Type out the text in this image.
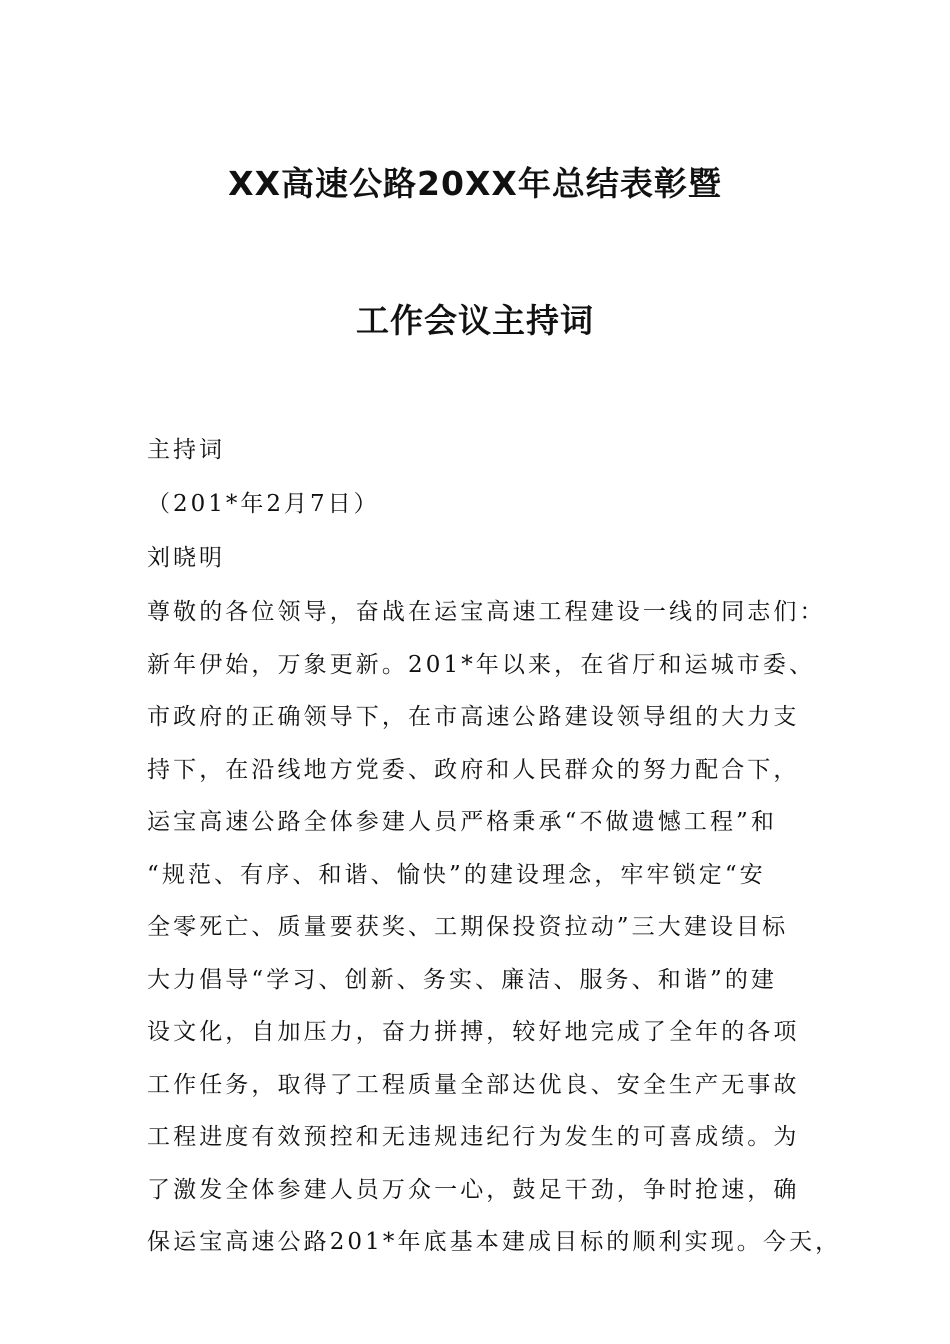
XX高速公路20XX年总结表彰暨
工作会议主持词
主持词
（201*年2月7日）
刘晓明
尊敬的各位领导，奋战在运宝高速工程建设一线的同志们：
新年伊始，万象更新。201*年以来，在省厅和运城市委、
市政府的正确领导下，在市高速公路建设领导组的大力支
持下，在沿线地方党委、政府和人民群众的努力配合下，
运宝高速公路全体参建人员严格秉承“不做遗憾工程”和
“规范、有序、和谐、愉快”的建设理念，牢牢锁定“安
全零死亡、质量要获奖、工期保投资拉动”三大建设目标
大力倡导“学习、创新、务实、廉洁、服务、和谐”的建
设文化，自加压力，奋力拼搏，较好地完成了全年的各项
工作任务，取得了工程质量全部达优良、安全生产无事故
工程进度有效预控和无违规违纪行为发生的可喜成绩。为
了激发全体参建人员万众一心，鼓足干劲，争时抢速，确
保运宝高速公路201*年底基本建成目标的顺利实现。今天，
